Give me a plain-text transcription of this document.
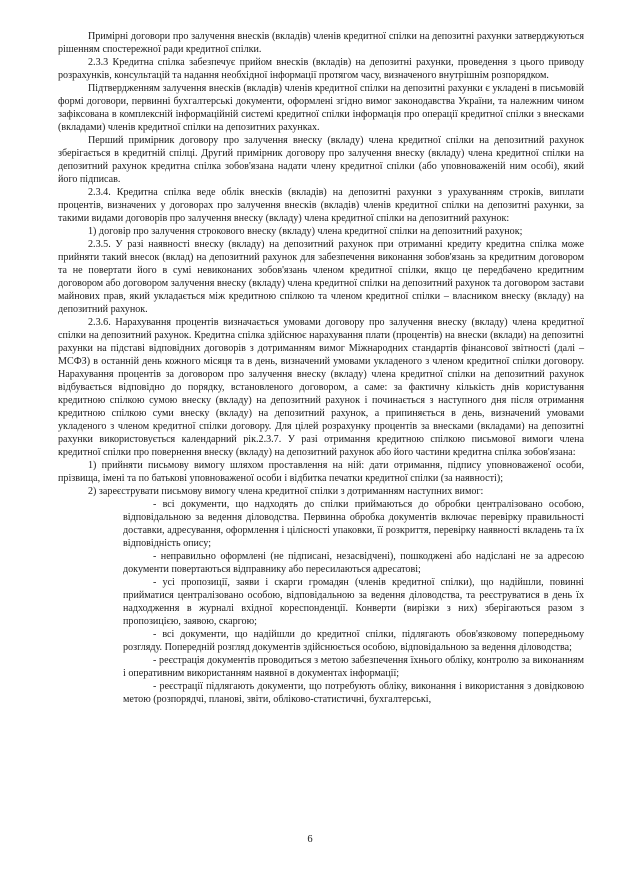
Примірні договори про залучення внесків (вкладів) членів кредитної спілки на депозитні рахунки затверджуються рішенням спостережної ради кредитної спілки.

2.3.3 Кредитна спілка забезпечує прийом внесків (вкладів) на депозитні рахунки, проведення з цього приводу розрахунків, консультацій та надання необхідної інформації протягом часу, визначеного внутрішнім розпорядком.

Підтвердженням залучення внесків (вкладів) членів кредитної спілки на депозитні рахунки є укладені в письмовій формі договори, первинні бухгалтерські документи, оформлені згідно вимог законодавства України, та належним чином зафіксована в комплексній інформаційній системі кредитної спілки інформація про операції кредитної спілки з внесками (вкладами) членів кредитної спілки на депозитних рахунках.

Перший примірник договору про залучення внеску (вкладу) члена кредитної спілки на депозитний рахунок зберігається в кредитній спілці. Другий примірник договору про залучення внеску (вкладу) члена кредитної спілки на депозитний рахунок кредитна спілка зобов'язана надати члену кредитної спілки (або уповноваженій ним особі), який його підписав.

2.3.4. Кредитна спілка веде облік внесків (вкладів) на депозитні рахунки з урахуванням строків, виплати процентів, визначених у договорах про залучення внесків (вкладів) членів кредитної спілки на депозитні рахунки, за такими видами договорів про залучення внеску (вкладу) члена кредитної спілки на депозитний рахунок:

1) договір про залучення строкового внеску (вкладу) члена кредитної спілки на депозитний рахунок;

2.3.5. У разі наявності внеску (вкладу) на депозитний рахунок при отриманні кредиту кредитна спілка може прийняти такий внесок (вклад) на депозитний рахунок для забезпечення виконання зобов'язань за кредитним договором та не повертати його в сумі невиконаних зобов'язань членом кредитної спілки, якщо це передбачено кредитним договором або договором залучення внеску (вкладу) члена кредитної спілки на депозитний рахунок та договором застави майнових прав, який укладається між кредитною спілкою та членом кредитної спілки – власником внеску (вкладу) на депозитний рахунок.

2.3.6. Нарахування процентів визначається умовами договору про залучення внеску (вкладу) члена кредитної спілки на депозитний рахунок. Кредитна спілка здійснює нарахування плати (процентів) на внески (вклади) на депозитні рахунки на підставі відповідних договорів з дотриманням вимог Міжнародних стандартів фінансової звітності (далі – МСФЗ) в останній день кожного місяця та в день, визначений умовами укладеного з членом кредитної спілки договору. Нарахування процентів за договором про залучення внеску (вкладу) члена кредитної спілки на депозитний рахунок відбувається відповідно до порядку, встановленого договором, а саме: за фактичну кількість днів користування кредитною спілкою сумою внеску (вкладу) на депозитний рахунок і починається з наступного дня після отримання кредитною спілкою суми внеску (вкладу) на депозитний рахунок, а припиняється в день, визначений умовами укладеного з членом кредитної спілки договору. Для цілей розрахунку процентів за внесками (вкладами) на депозитні рахунки використовується календарний рік.2.3.7. У разі отримання кредитною спілкою письмової вимоги члена кредитної спілки про повернення внеску (вкладу) на депозитний рахунок або його частини кредитна спілка зобов'язана:

1) прийняти письмову вимогу шляхом проставлення на ній: дати отримання, підпису уповноваженої особи, прізвища, імені та по батькові уповноваженої особи і відбитка печатки кредитної спілки (за наявності);

2) зареєструвати письмову вимогу члена кредитної спілки з дотриманням наступних вимог:

- всі документи, що надходять до спілки приймаються до обробки централізовано особою, відповідальною за ведення діловодства. Первинна обробка документів включає перевірку правильності доставки, адресування, оформлення і цілісності упаковки, її розкриття, перевірку наявності вкладень та їх відповідність опису;

- неправильно оформлені (не підписані, незасвідчені), пошкоджені або надіслані не за адресою документи повертаються відправнику або пересилаються адресатові;

- усі пропозиції, заяви і скарги громадян (членів кредитної спілки), що надійшли, повинні прийматися централізовано особою, відповідальною за ведення діловодства, та реєструватися в день їх надходження в журналі вхідної кореспонденції. Конверти (вирізки з них) зберігаються разом з пропозицією, заявою, скаргою;

- всі документи, що надійшли до кредитної спілки, підлягають обов'язковому попередньому розгляду. Попередній розгляд документів здійснюється особою, відповідальною за ведення діловодства;

- реєстрація документів проводиться з метою забезпечення їхнього обліку, контролю за виконанням і оперативним використанням наявної в документах інформації;

- реєстрації підлягають документи, що потребують обліку, виконання і використання з довідковою метою (розпорядчі, планові, звіти, обліково-статистичні, бухгалтерські,

6
